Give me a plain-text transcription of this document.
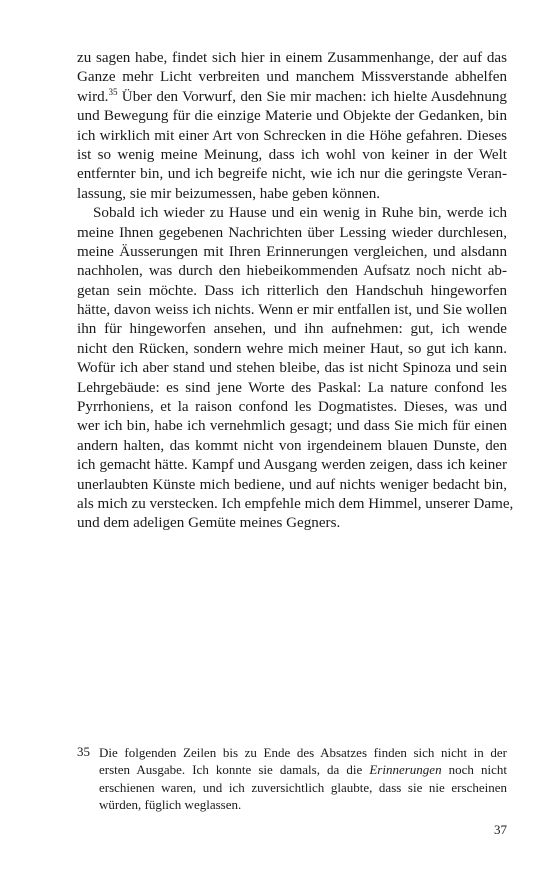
zu sagen habe, findet sich hier in einem Zusammenhange, der auf das
Ganze mehr Licht verbreiten und manchem Missverstande abhelfen
wird.$^{35}$ Über den Vorwurf, den Sie mir machen: ich hielte Ausdehnung
und Bewegung für die einzige Materie und Objekte der Gedanken, bin
ich wirklich mit einer Art von Schrecken in die Höhe gefahren. Dieses
ist so wenig meine Meinung, dass ich wohl von keiner in der Welt
entfernter bin, und ich begreife nicht, wie ich nur die geringste Veran-
lassung, sie mir beizumessen, habe geben können.
Sobald ich wieder zu Hause und ein wenig in Ruhe bin, werde ich
meine Ihnen gegebenen Nachrichten über Lessing wieder durchlesen,
meine Äusserungen mit Ihren Erinnerungen vergleichen, und alsdann
nachholen, was durch den hiebeikommenden Aufsatz noch nicht ab-
getan sein möchte. Dass ich ritterlich den Handschuh hingeworfen
hätte, davon weiss ich nichts. Wenn er mir entfallen ist, und Sie wollen
ihn für hingeworfen ansehen, und ihn aufnehmen: gut, ich wende
nicht den Rücken, sondern wehre mich meiner Haut, so gut ich kann.
Wofür ich aber stand und stehen bleibe, das ist nicht Spinoza und sein
Lehrgebäude: es sind jene Worte des Paskal: La nature confond les
Pyrrhoniens, et la raison confond les Dogmatistes. Dieses, was und
wer ich bin, habe ich vernehmlich gesagt; und dass Sie mich für einen
andern halten, das kommt nicht von irgendeinem blauen Dunste, den
ich gemacht hätte. Kampf und Ausgang werden zeigen, dass ich keiner
unerlaubten Künste mich bediene, und auf nichts weniger bedacht bin,
als mich zu verstecken. Ich empfehle mich dem Himmel, unserer Dame,
und dem adeligen Gemüte meines Gegners.
35 Die folgenden Zeilen bis zu Ende des Absatzes finden sich nicht in der
ersten Ausgabe. Ich konnte sie damals, da die Erinnerungen noch nicht
erschienen waren, und ich zuversichtlich glaubte, dass sie nie erscheinen
würden, füglich weglassen.
37
